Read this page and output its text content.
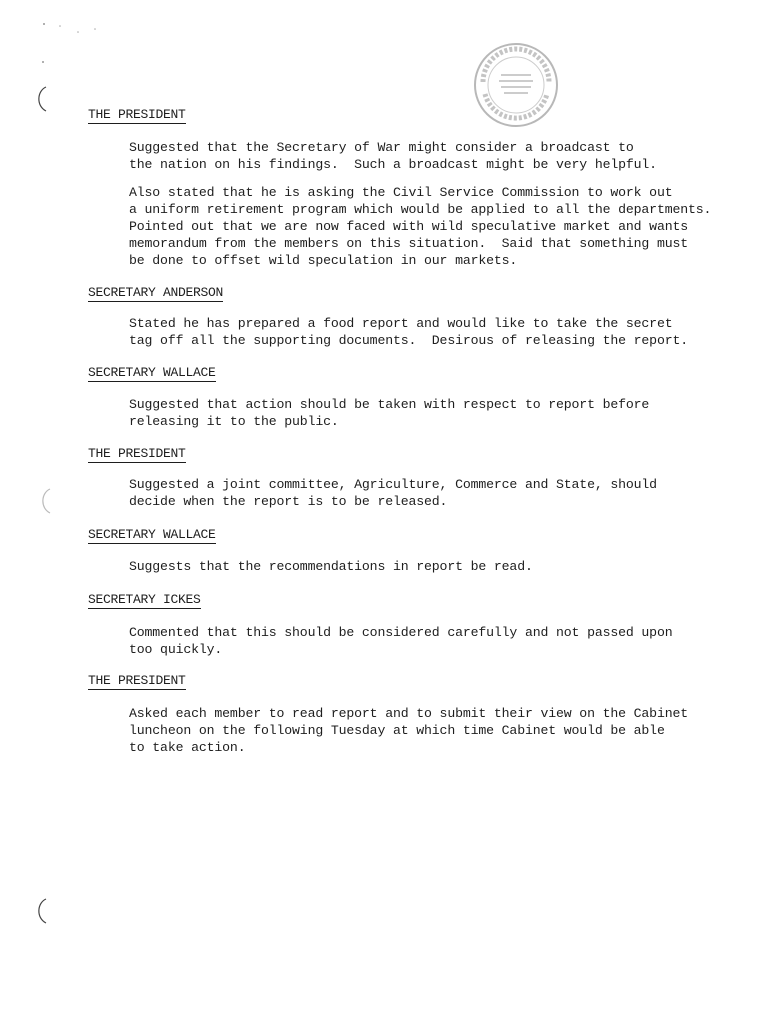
THE PRESIDENT
Suggested that the Secretary of War might consider a broadcast to
the nation on his findings.  Such a broadcast might be very helpful.
Also stated that he is asking the Civil Service Commission to work out
a uniform retirement program which would be applied to all the departments.
Pointed out that we are now faced with wild speculative market and wants
memorandum from the members on this situation.  Said that something must
be done to offset wild speculation in our markets.
SECRETARY ANDERSON
Stated he has prepared a food report and would like to take the secret
tag off all the supporting documents.  Desirous of releasing the report.
SECRETARY WALLACE
Suggested that action should be taken with respect to report before
releasing it to the public.
THE PRESIDENT
Suggested a joint committee, Agriculture, Commerce and State, should
decide when the report is to be released.
SECRETARY WALLACE
Suggests that the recommendations in report be read.
SECRETARY ICKES
Commented that this should be considered carefully and not passed upon
too quickly.
THE PRESIDENT
Asked each member to read report and to submit their view on the Cabinet
luncheon on the following Tuesday at which time Cabinet would be able
to take action.
